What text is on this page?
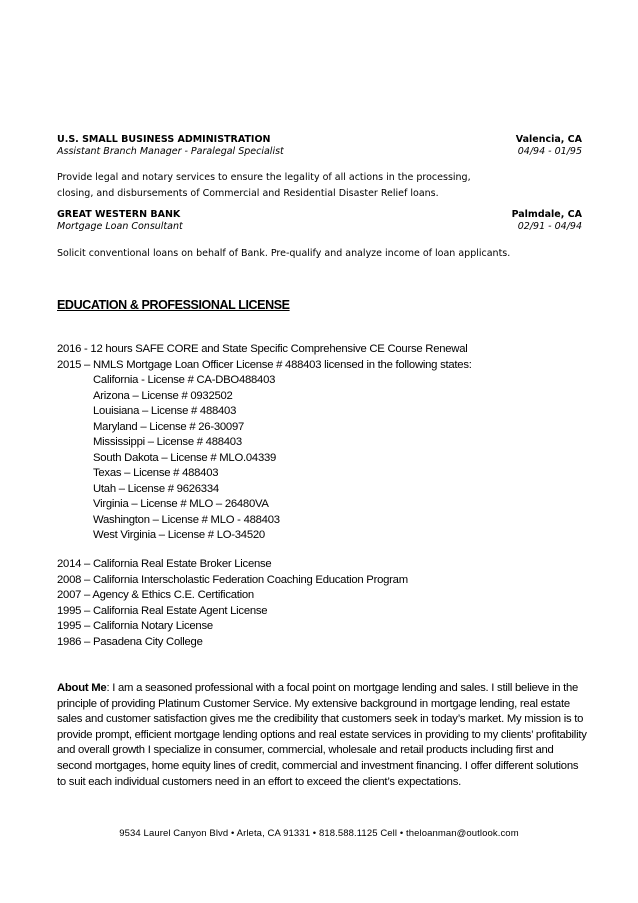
U.S. SMALL BUSINESS ADMINISTRATION	Valencia, CA
Assistant Branch Manager - Paralegal Specialist	04/94 - 01/95
Provide legal and notary services to ensure the legality of all actions in the processing, closing, and disbursements of Commercial and Residential Disaster Relief loans.
GREAT WESTERN BANK	Palmdale, CA
Mortgage Loan Consultant	02/91 - 04/94
Solicit conventional loans on behalf of Bank. Pre-qualify and analyze income of loan applicants.
EDUCATION & PROFESSIONAL LICENSE
2016 - 12 hours SAFE CORE and State Specific Comprehensive CE Course Renewal
2015 – NMLS Mortgage Loan Officer License # 488403 licensed in the following states:
California - License # CA-DBO488403
Arizona – License # 0932502
Louisiana – License # 488403
Maryland – License # 26-30097
Mississippi – License # 488403
South Dakota – License # MLO.04339
Texas – License # 488403
Utah – License # 9626334
Virginia – License # MLO – 26480VA
Washington – License # MLO - 488403
West Virginia – License # LO-34520
2014 – California Real Estate Broker License
2008 – California Interscholastic Federation Coaching Education Program
2007 – Agency & Ethics C.E. Certification
1995 – California Real Estate Agent License
1995 – California Notary License
1986 – Pasadena City College
About Me: I am a seasoned professional with a focal point on mortgage lending and sales. I still believe in the principle of providing Platinum Customer Service. My extensive background in mortgage lending, real estate sales and customer satisfaction gives me the credibility that customers seek in today’s market. My mission is to provide prompt, efficient mortgage lending options and real estate services in providing to my clients’ profitability and overall growth I specialize in consumer, commercial, wholesale and retail products including first and second mortgages, home equity lines of credit, commercial and investment financing. I offer different solutions to suit each individual customers need in an effort to exceed the client’s expectations.
9534 Laurel Canyon Blvd • Arleta, CA 91331 • 818.588.1125 Cell • theloanman@outlook.com
